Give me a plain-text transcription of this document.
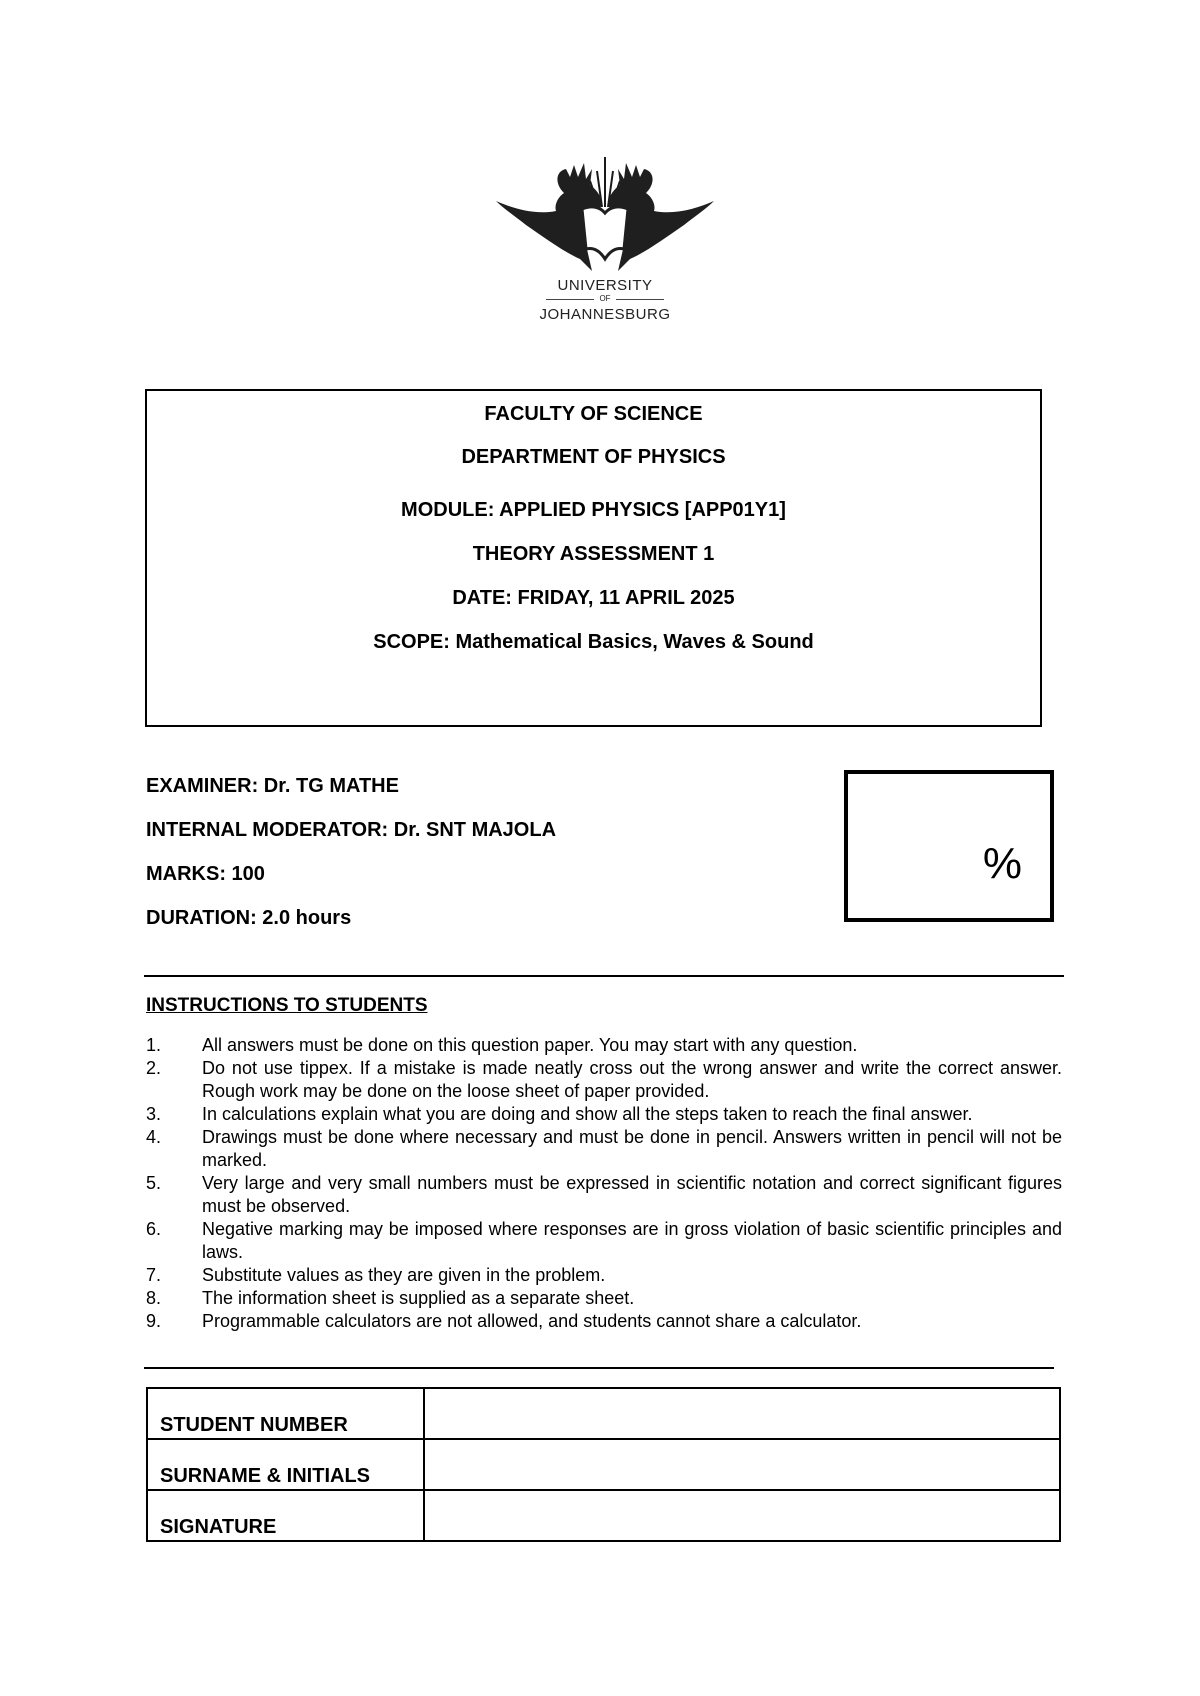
UNIVERSITY
OF
JOHANNESBURG
FACULTY OF SCIENCE
DEPARTMENT OF PHYSICS
MODULE: APPLIED PHYSICS [APP01Y1]
THEORY ASSESSMENT 1
DATE: FRIDAY, 11 APRIL 2025
SCOPE: Mathematical Basics, Waves & Sound
EXAMINER: Dr. TG MATHE
INTERNAL MODERATOR: Dr. SNT MAJOLA
MARKS: 100
DURATION: 2.0 hours
%
INSTRUCTIONS TO STUDENTS
1. All answers must be done on this question paper. You may start with any question.
2. Do not use tippex. If a mistake is made neatly cross out the wrong answer and write the correct answer. Rough work may be done on the loose sheet of paper provided.
3. In calculations explain what you are doing and show all the steps taken to reach the final answer.
4. Drawings must be done where necessary and must be done in pencil. Answers written in pencil will not be marked.
5. Very large and very small numbers must be expressed in scientific notation and correct significant figures must be observed.
6. Negative marking may be imposed where responses are in gross violation of basic scientific principles and laws.
7. Substitute values as they are given in the problem.
8. The information sheet is supplied as a separate sheet.
9. Programmable calculators are not allowed, and students cannot share a calculator.
STUDENT NUMBER	
SURNAME & INITIALS	
SIGNATURE	
